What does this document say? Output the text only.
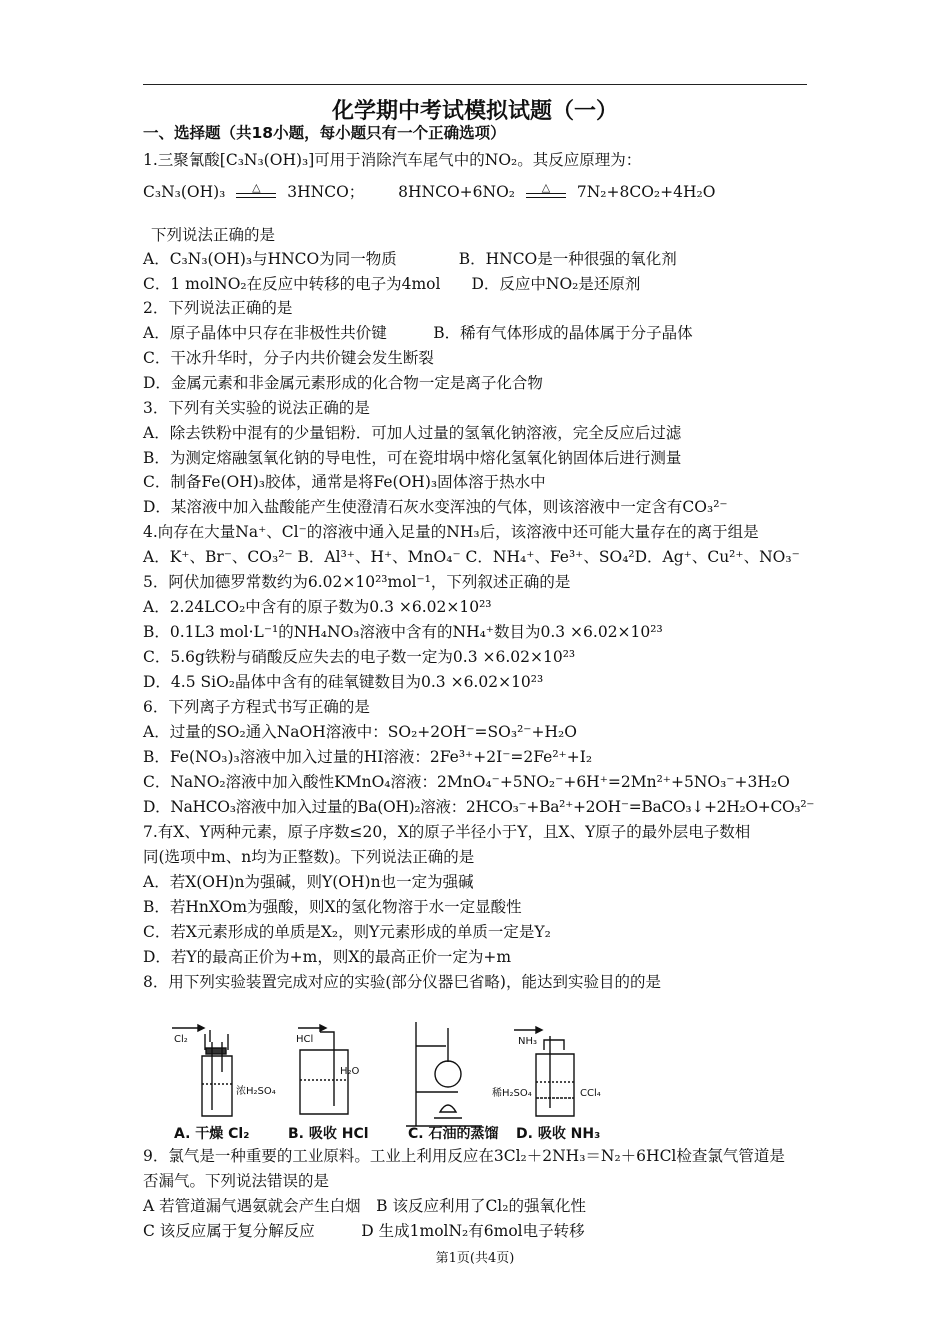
化学期中考试模拟试题（一）
一、选择题（共18小题，每小题只有一个正确选项）
1.三聚氰酸[C₃N₃(OH)₃]可用于消除汽车尾气中的NO₂。其反应原理为：
C₃N₃(OH)₃	△	3HNCO； 8HNCO+6NO₂	△	7N₂+8CO₂+4H₂O
下列说法正确的是
A．C₃N₃(OH)₃与HNCO为同一物质　　　　B．HNCO是一种很强的氧化剂
C．1 molNO₂在反应中转移的电子为4mol　　D．反应中NO₂是还原剂
2．下列说法正确的是
A．原子晶体中只存在非极性共价键　　　B．稀有气体形成的晶体属于分子晶体
C．干冰升华时，分子内共价键会发生断裂
D．金属元素和非金属元素形成的化合物一定是离子化合物
3．下列有关实验的说法正确的是
A．除去铁粉中混有的少量铝粉．可加人过量的氢氧化钠溶液，完全反应后过滤
B．为测定熔融氢氧化钠的导电性，可在瓷坩埚中熔化氢氧化钠固体后进行测量
C．制备Fe(OH)₃胶体，通常是将Fe(OH)₃固体溶于热水中
D．某溶液中加入盐酸能产生使澄清石灰水变浑浊的气体，则该溶液中一定含有CO₃²⁻
4.向存在大量Na⁺、Cl⁻的溶液中通入足量的NH₃后，该溶液中还可能大量存在的离于组是
A．K⁺、Br⁻、CO₃²⁻ B．Al³⁺、H⁺、MnO₄⁻ C．NH₄⁺、Fe³⁺、SO₄²D．Ag⁺、Cu²⁺、NO₃⁻
5．阿伏加德罗常数约为6.02×10²³mol⁻¹，下列叙述正确的是
A．2.24LCO₂中含有的原子数为0.3 ×6.02×10²³
B．0.1L3 mol·L⁻¹的NH₄NO₃溶液中含有的NH₄⁺数目为0.3 ×6.02×10²³
C．5.6g铁粉与硝酸反应失去的电子数一定为0.3 ×6.02×10²³
D．4.5 SiO₂晶体中含有的硅氧键数目为0.3 ×6.02×10²³
6．下列离子方程式书写正确的是
A．过量的SO₂通入NaOH溶液中：SO₂+2OH⁻=SO₃²⁻+H₂O
B．Fe(NO₃)₃溶液中加入过量的HI溶液：2Fe³⁺+2I⁻=2Fe²⁺+I₂
C．NaNO₂溶液中加入酸性KMnO₄溶液：2MnO₄⁻+5NO₂⁻+6H⁺=2Mn²⁺+5NO₃⁻+3H₂O
D．NaHCO₃溶液中加入过量的Ba(OH)₂溶液：2HCO₃⁻+Ba²⁺+2OH⁻=BaCO₃↓+2H₂O+CO₃²⁻
7.有X、Y两种元素，原子序数≤20，X的原子半径小于Y，且X、Y原子的最外层电子数相
同(选项中m、n均为正整数)。下列说法正确的是
A．若X(OH)n为强碱，则Y(OH)n也一定为强碱
B．若HnXOm为强酸，则X的氢化物溶于水一定显酸性
C．若X元素形成的单质是X₂，则Y元素形成的单质一定是Y₂
D．若Y的最高正价为+m，则X的最高正价一定为+m
8．用下列实验装置完成对应的实验(部分仪器巳省略)，能达到实验目的的是
Cl₂
浓H₂SO₄
HCl
H₂O
NH₃
稀H₂SO₄	CCl₄
A. 干燥 Cl₂	B. 吸收 HCl	C. 石油的蒸馏 D. 吸收 NH₃
9．氯气是一种重要的工业原料。工业上利用反应在3Cl₂＋2NH₃＝N₂＋6HCl检查氯气管道是
否漏气。下列说法错误的是
A 若管道漏气遇氨就会产生白烟　B 该反应利用了Cl₂的强氧化性
C 该反应属于复分解反应　　　D 生成1molN₂有6mol电子转移
第1页(共4页)
